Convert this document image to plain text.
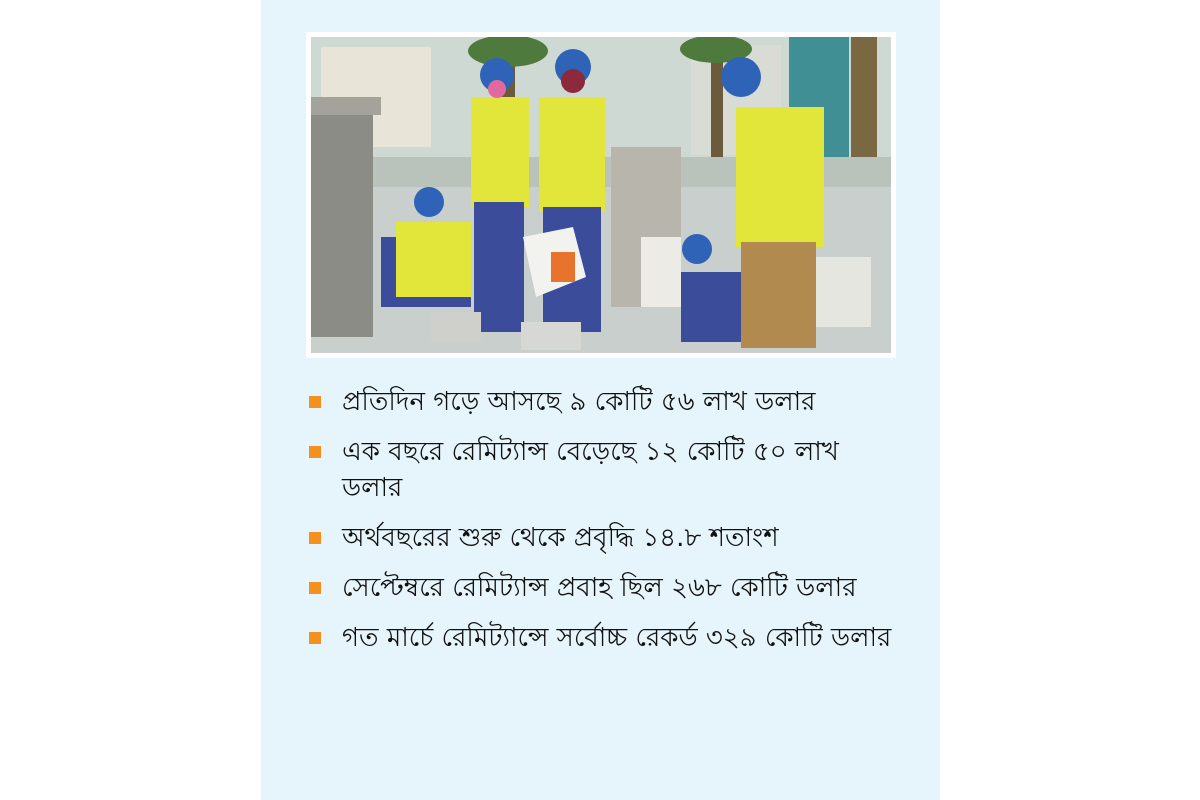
প্রতিদিন গড়ে আসছে ৯ কোটি ৫৬ লাখ ডলার
এক বছরে রেমিট্যান্স বেড়েছে ১২ কোটি ৫০ লাখ ডলার
অর্থবছরের শুরু থেকে প্রবৃদ্ধি ১৪.৮ শতাংশ
সেপ্টেম্বরে রেমিট্যান্স প্রবাহ ছিল ২৬৮ কোটি ডলার
গত মার্চে রেমিট্যান্সে সর্বোচ্চ রেকর্ড ৩২৯ কোটি ডলার
